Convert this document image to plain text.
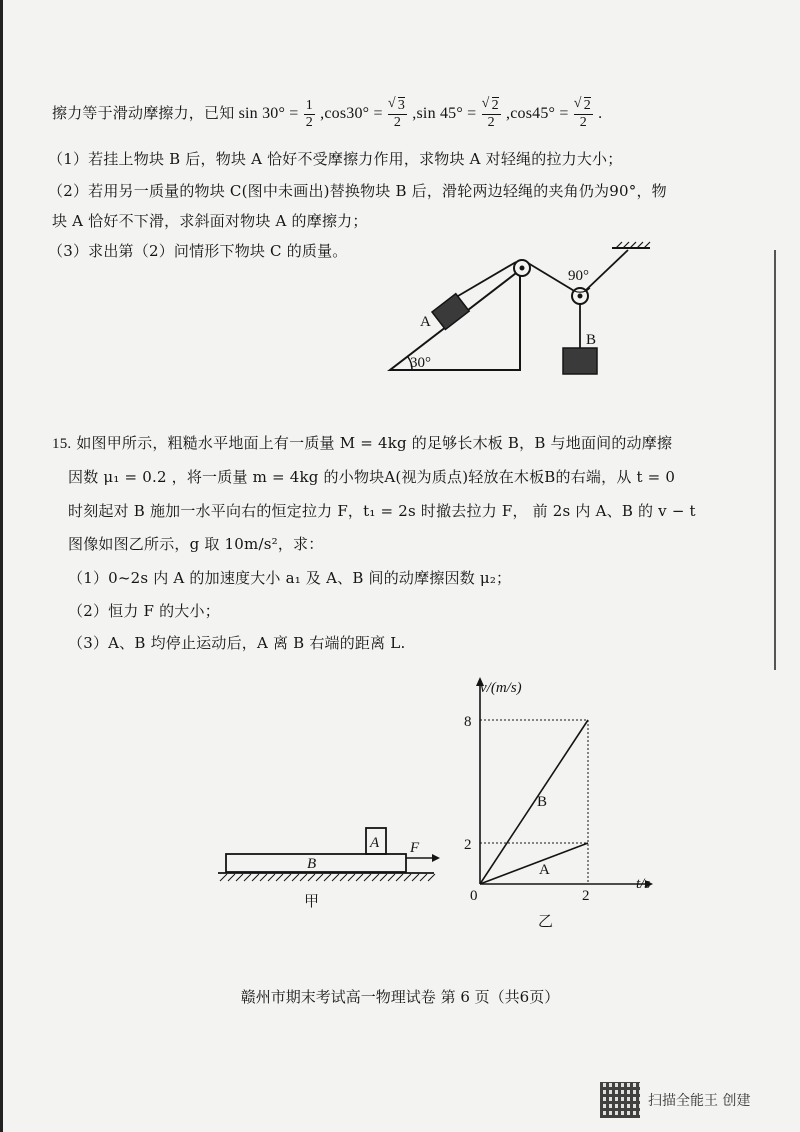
擦力等于滑动摩擦力，已知 $\sin 30^\circ = \frac{1}{2} ,\cos 30^\circ$ = √ $\frac{3}{2} ,\sin$ 45° = √ $\frac{2}{2} ,\cos 45^\circ$ = √ $\frac{2}{2}$ .
（1）若挂上物块 B 后，物块 A 恰好不受摩擦力作用，求物块 A 对轻绳的拉力大小；
（2）若用另一质量的物块 C(图中未画出)替换物块 B 后，滑轮两边轻绳的夹角仍为90°，物
块 A 恰好不下滑，求斜面对物块 A 的摩擦力；
（3）求出第（2）问情形下物块 C 的质量。
30°
A
90°
B
15. 如图甲所示，粗糙水平地面上有一质量 M = 4kg 的足够长木板 B，B 与地面间的动摩擦
因数 μ₁ = 0.2 ，将一质量 m = 4kg 的小物块A(视为质点)轻放在木板B的右端，从 t = 0
时刻起对 B 施加一水平向右的恒定拉力 F，t₁ = 2s 时撤去拉力 F， 前 2s 内 A、B 的 v − t
图像如图乙所示，g 取 10m/s²，求：
（1）0~2s 内 A 的加速度大小 a₁ 及 A、B 间的动摩擦因数 μ₂；
（2）恒力 F 的大小；
（3）A、B 均停止运动后，A 离 B 右端的距离 L.
B
A F
甲
v/(m/s)
t/s
0
8
2
2
B
A
乙
赣州市期末考试高一物理试卷 第 6 页（共6页）
扫描全能王 创建
